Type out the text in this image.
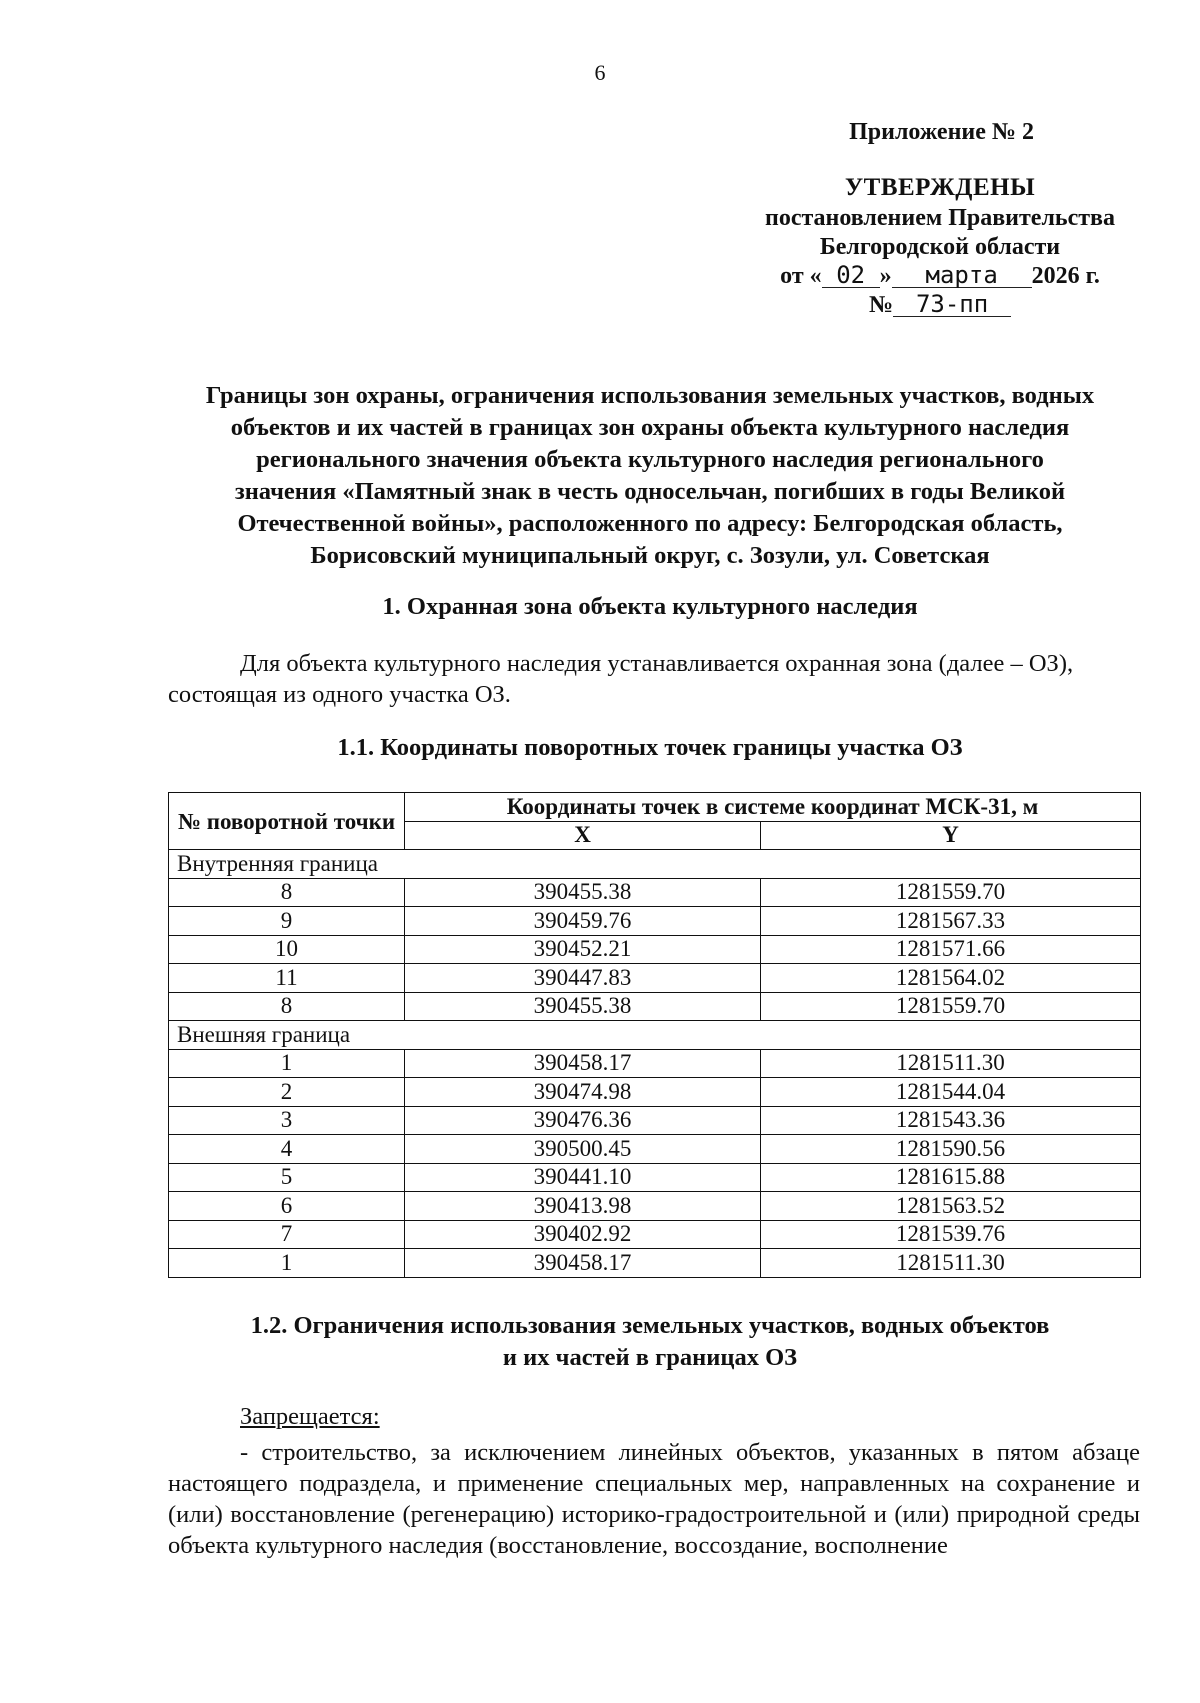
6
Приложение № 2
УТВЕРЖДЕНЫ
постановлением Правительства
Белгородской области
от « 02 » марта 2026 г.
№ 73-пп
Границы зон охраны, ограничения использования земельных участков, водных
объектов и их частей в границах зон охраны объекта культурного наследия
регионального значения объекта культурного наследия регионального
значения «Памятный знак в честь односельчан, погибших в годы Великой
Отечественной войны», расположенного по адресу: Белгородская область,
Борисовский муниципальный округ, с. Зозули, ул. Советская
1. Охранная зона объекта культурного наследия
Для объекта культурного наследия устанавливается охранная зона (далее – ОЗ),
состоящая из одного участка ОЗ.
1.1. Координаты поворотных точек границы участка ОЗ
№ поворотной точки	Координаты точек в системе координат МСК-31, м	
	X	Y
Внутренняя граница		
8	390455.38	1281559.70
9	390459.76	1281567.33
10	390452.21	1281571.66
11	390447.83	1281564.02
8	390455.38	1281559.70
Внешняя граница		
1	390458.17	1281511.30
2	390474.98	1281544.04
3	390476.36	1281543.36
4	390500.45	1281590.56
5	390441.10	1281615.88
6	390413.98	1281563.52
7	390402.92	1281539.76
1	390458.17	1281511.30
1.2. Ограничения использования земельных участков, водных объектов
и их частей в границах ОЗ
Запрещается:
- строительство, за исключением линейных объектов, указанных в пятом абзаце настоящего подраздела, и применение специальных мер, направленных на сохранение и (или) восстановление (регенерацию) историко-градостроительной и (или) природной среды объекта культурного наследия (восстановление, воссоздание, восполнение
